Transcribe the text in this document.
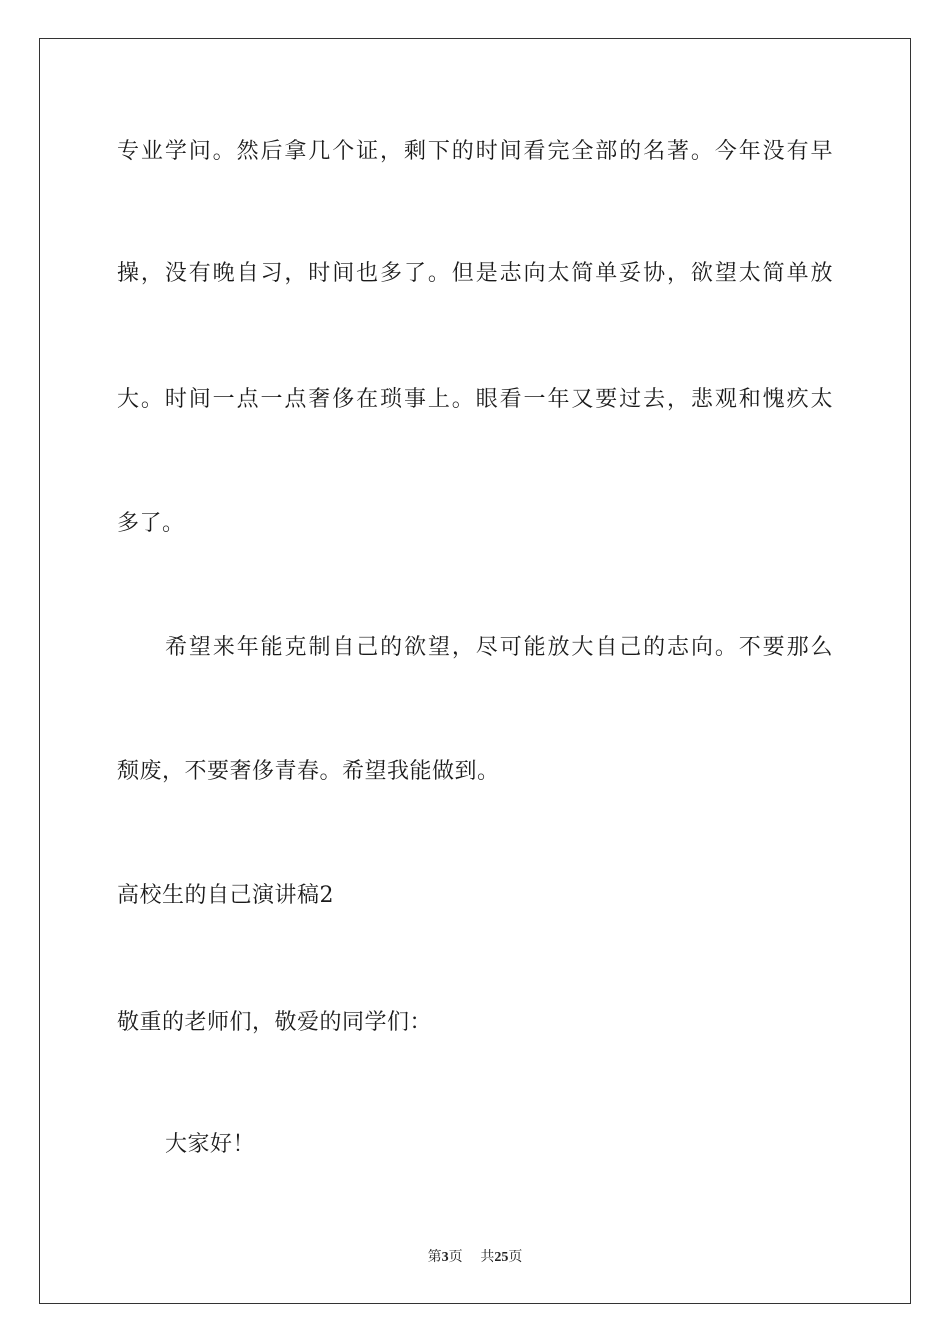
专业学问。然后拿几个证，剩下的时间看完全部的名著。今年没有早
操，没有晚自习，时间也多了。但是志向太简单妥协，欲望太简单放
大。时间一点一点奢侈在琐事上。眼看一年又要过去，悲观和愧疚太
多了。
希望来年能克制自己的欲望，尽可能放大自己的志向。不要那么
颓废，不要奢侈青春。希望我能做到。
高校生的自己演讲稿2
敬重的老师们，敬爱的同学们：
大家好！
第3页 共25页
